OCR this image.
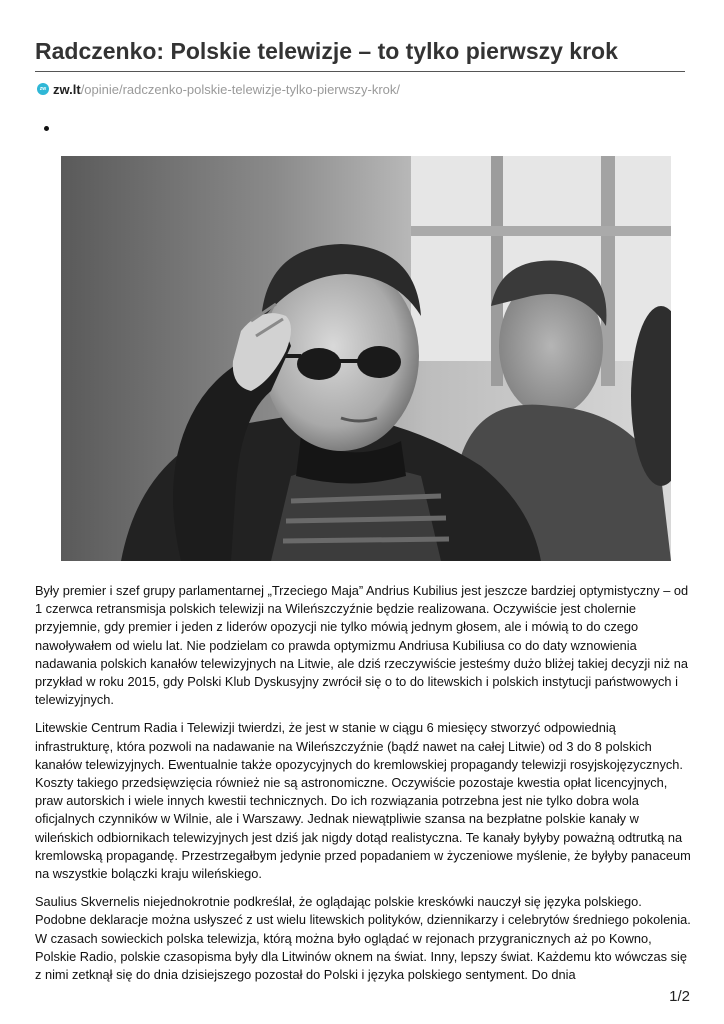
Radczenko: Polskie telewizje – to tylko pierwszy krok
zw zw.lt /opinie/radczenko-polskie-telewizje-tylko-pierwszy-krok/

Były premier i szef grupy parlamentarnej „Trzeciego Maja” Andrius Kubilius jest jeszcze bardziej optymistyczny – od 1 czerwca retransmisja polskich telewizji na Wileńszczyźnie będzie realizowana. Oczywiście jest cholernie przyjemnie, gdy premier i jeden z liderów opozycji nie tylko mówią jednym głosem, ale i mówią to do czego nawoływałem od wielu lat. Nie podzielam co prawda optymizmu Andriusa Kubiliusa co do daty wznowienia nadawania polskich kanałów telewizyjnych na Litwie, ale dziś rzeczywiście jesteśmy dużo bliżej takiej decyzji niż na przykład w roku 2015, gdy Polski Klub Dyskusyjny zwrócił się o to do litewskich i polskich instytucji państwowych i telewizyjnych.

Litewskie Centrum Radia i Telewizji twierdzi, że jest w stanie w ciągu 6 miesięcy stworzyć odpowiednią infrastrukturę, która pozwoli na nadawanie na Wileńszczyźnie (bądź nawet na całej Litwie) od 3 do 8 polskich kanałów telewizyjnych. Ewentualnie także opozycyjnych do kremlowskiej propagandy telewizji rosyjskojęzycznych. Koszty takiego przedsięwzięcia również nie są astronomiczne. Oczywiście pozostaje kwestia opłat licencyjnych, praw autorskich i wiele innych kwestii technicznych. Do ich rozwiązania potrzebna jest nie tylko dobra wola oficjalnych czynników w Wilnie, ale i Warszawy. Jednak niewątpliwie szansa na bezpłatne polskie kanały w wileńskich odbiornikach telewizyjnych jest dziś jak nigdy dotąd realistyczna. Te kanały byłyby poważną odtrutką na kremlowską propagandę. Przestrzegałbym jedynie przed popadaniem w życzeniowe myślenie, że byłyby panaceum na wszystkie bolączki kraju wileńskiego.

Saulius Skvernelis niejednokrotnie podkreślał, że oglądając polskie kreskówki nauczył się języka polskiego. Podobne deklaracje można usłyszeć z ust wielu litewskich polityków, dziennikarzy i celebrytów średniego pokolenia. W czasach sowieckich polska telewizja, którą można było oglądać w rejonach przygranicznych aż po Kowno, Polskie Radio, polskie czasopisma były dla Litwinów oknem na świat. Inny, lepszy świat. Każdemu kto wówczas się z nimi zetknął się do dnia dzisiejszego pozostał do Polski i języka polskiego sentyment. Do dnia

1/2
